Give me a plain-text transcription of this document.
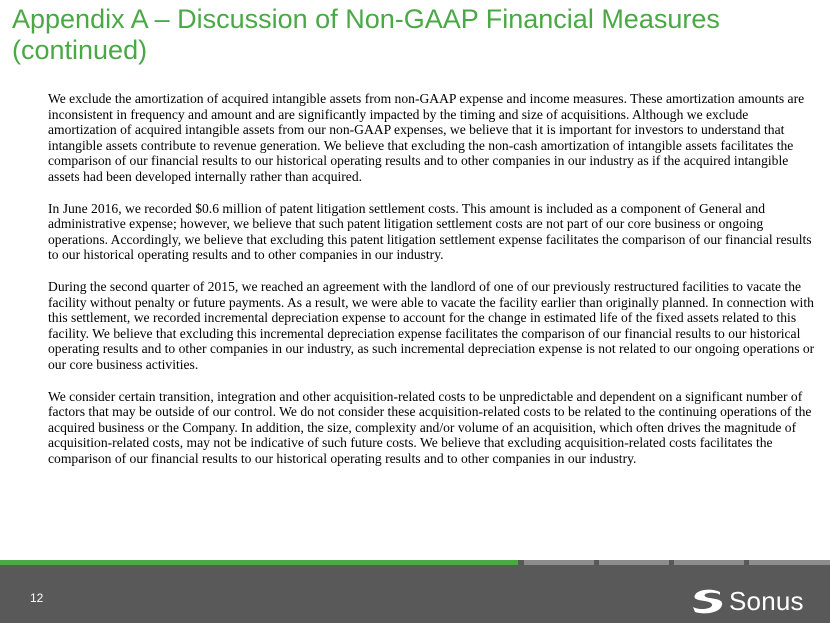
Appendix A – Discussion of Non-GAAP Financial Measures (continued)

We exclude the amortization of acquired intangible assets from non-GAAP expense and income measures. These amortization amounts are inconsistent in frequency and amount and are significantly impacted by the timing and size of acquisitions. Although we exclude amortization of acquired intangible assets from our non-GAAP expenses, we believe that it is important for investors to understand that intangible assets contribute to revenue generation. We believe that excluding the non-cash amortization of intangible assets facilitates the comparison of our financial results to our historical operating results and to other companies in our industry as if the acquired intangible assets had been developed internally rather than acquired.

In June 2016, we recorded $0.6 million of patent litigation settlement costs. This amount is included as a component of General and administrative expense; however, we believe that such patent litigation settlement costs are not part of our core business or ongoing operations. Accordingly, we believe that excluding this patent litigation settlement expense facilitates the comparison of our financial results to our historical operating results and to other companies in our industry.

During the second quarter of 2015, we reached an agreement with the landlord of one of our previously restructured facilities to vacate the facility without penalty or future payments. As a result, we were able to vacate the facility earlier than originally planned. In connection with this settlement, we recorded incremental depreciation expense to account for the change in estimated life of the fixed assets related to this facility. We believe that excluding this incremental depreciation expense facilitates the comparison of our financial results to our historical operating results and to other companies in our industry, as such incremental depreciation expense is not related to our ongoing operations or our core business activities.

We consider certain transition, integration and other acquisition-related costs to be unpredictable and dependent on a significant number of factors that may be outside of our control. We do not consider these acquisition-related costs to be related to the continuing operations of the acquired business or the Company. In addition, the size, complexity and/or volume of an acquisition, which often drives the magnitude of acquisition-related costs, may not be indicative of such future costs. We believe that excluding acquisition-related costs facilitates the comparison of our financial results to our historical operating results and to other companies in our industry.

12	Sonus
